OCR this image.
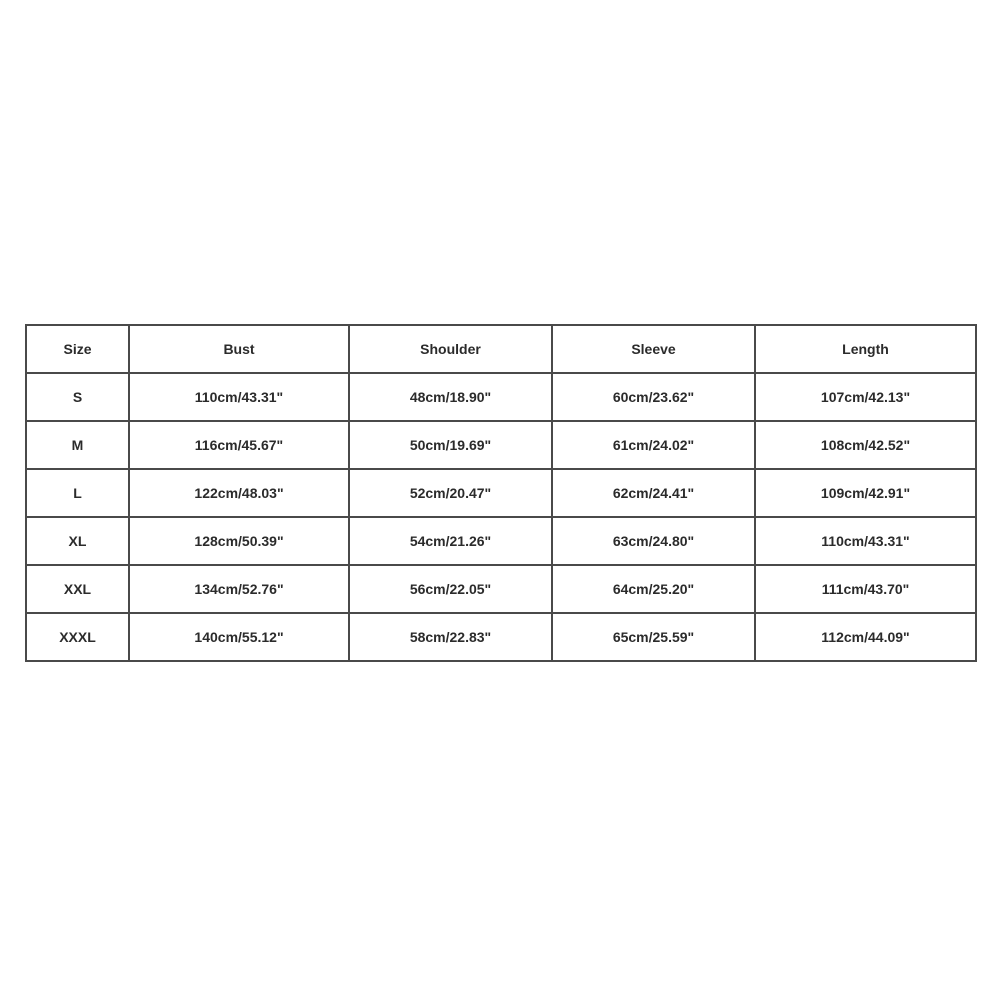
Size	Bust	Shoulder	Sleeve	Length
S	110cm/43.31"	48cm/18.90"	60cm/23.62"	107cm/42.13"
M	116cm/45.67"	50cm/19.69"	61cm/24.02"	108cm/42.52"
L	122cm/48.03"	52cm/20.47"	62cm/24.41"	109cm/42.91"
XL	128cm/50.39"	54cm/21.26"	63cm/24.80"	110cm/43.31"
XXL	134cm/52.76"	56cm/22.05"	64cm/25.20"	111cm/43.70"
XXXL	140cm/55.12"	58cm/22.83"	65cm/25.59"	112cm/44.09"
